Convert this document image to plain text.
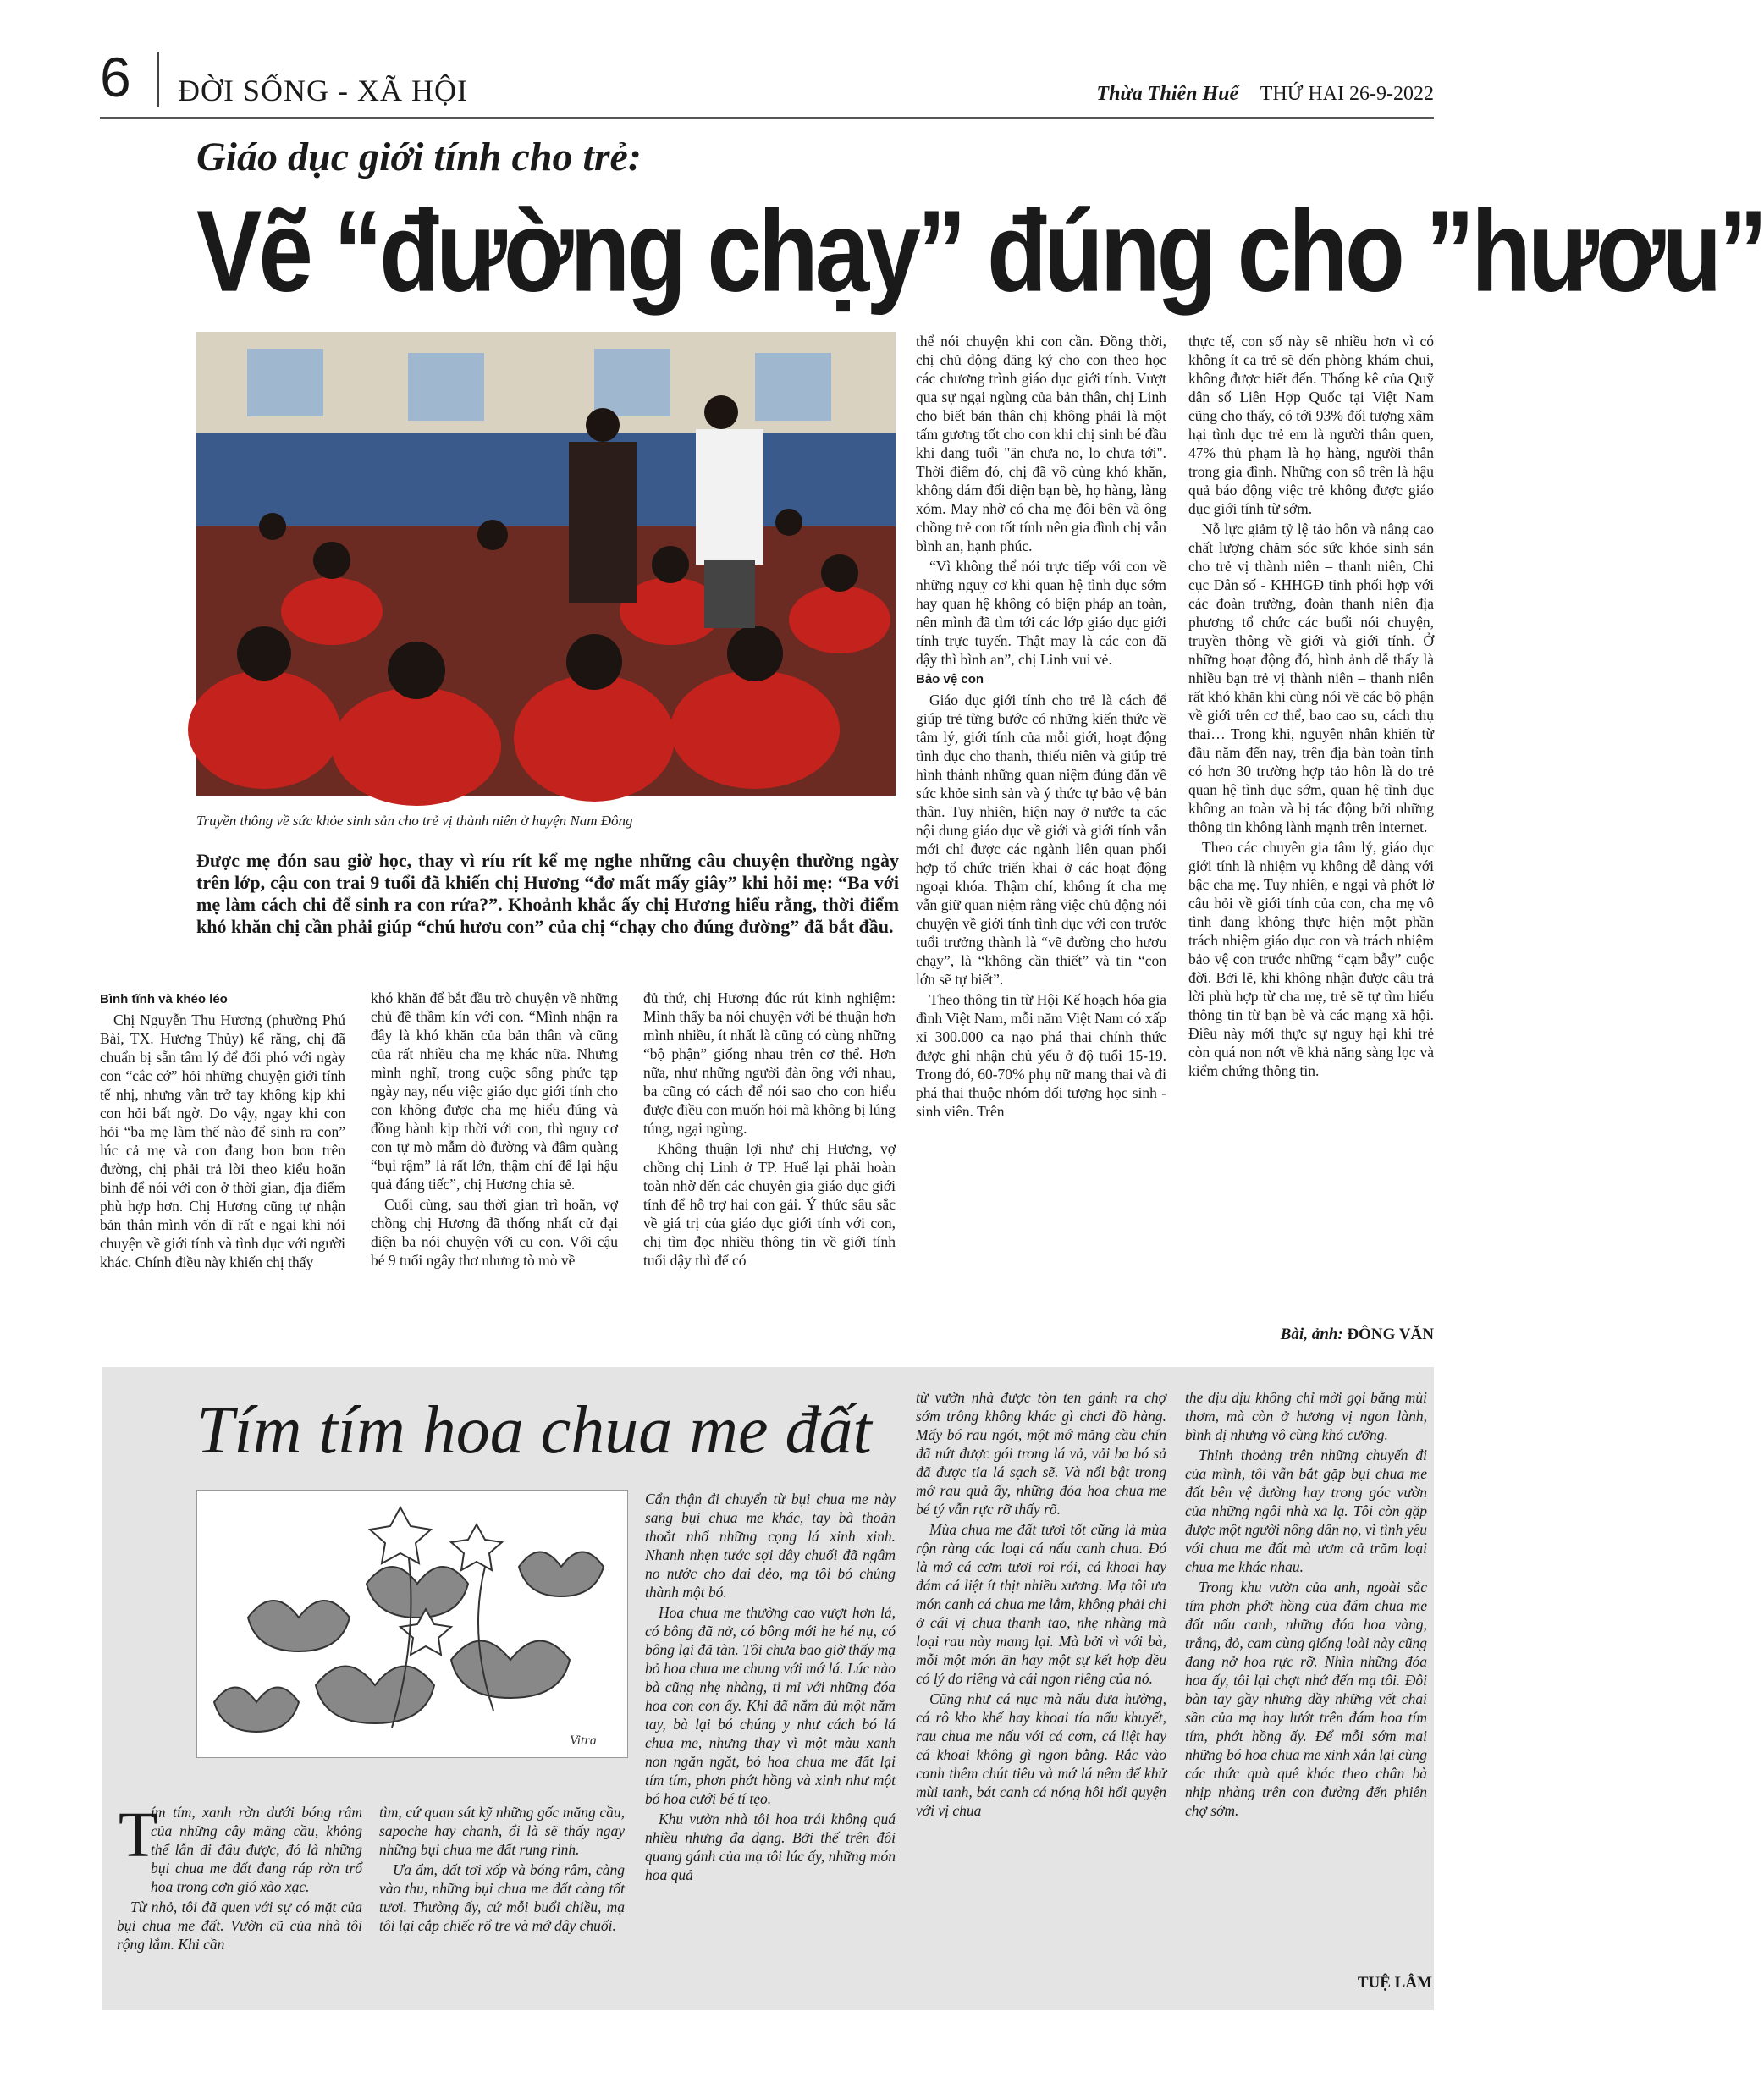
6 ĐỜI SỐNG - XÃ HỘI	Thừa Thiên Huế THỨ HAI 26-9-2022
Giáo dục giới tính cho trẻ:
Vẽ “đường chạy” đúng cho ”hươu”
Truyền thông về sức khỏe sinh sản cho trẻ vị thành niên ở huyện Nam Đông
Được mẹ đón sau giờ học, thay vì ríu rít kể mẹ nghe những câu chuyện thường ngày trên lớp, cậu con trai 9 tuổi đã khiến chị Hương “đơ mất mấy giây” khi hỏi mẹ: “Ba với mẹ làm cách chi để sinh ra con rứa?”. Khoảnh khắc ấy chị Hương hiểu rằng, thời điểm khó khăn chị cần phải giúp “chú hươu con” của chị “chạy cho đúng đường” đã bắt đầu.

Bình tĩnh và khéo léo

Chị Nguyễn Thu Hương (phường Phú Bài, TX. Hương Thủy) kể rằng, chị đã chuẩn bị sẵn tâm lý để đối phó với ngày con “cắc cớ” hỏi những chuyện giới tính tế nhị, nhưng vẫn trở tay không kịp khi con hỏi bất ngờ. Do vậy, ngay khi con hỏi “ba mẹ làm thế nào để sinh ra con” lúc cả mẹ và con đang bon bon trên đường, chị phải trả lời theo kiểu hoãn binh để nói với con ở thời gian, địa điểm phù hợp hơn. Chị Hương cũng tự nhận bản thân mình vốn dĩ rất e ngại khi nói chuyện về giới tính và tình dục với người khác. Chính điều này khiến chị thấy

khó khăn để bắt đầu trò chuyện về những chủ đề thầm kín với con. “Mình nhận ra đây là khó khăn của bản thân và cũng của rất nhiều cha mẹ khác nữa. Nhưng mình nghĩ, trong cuộc sống phức tạp ngày nay, nếu việc giáo dục giới tính cho con không được cha mẹ hiểu đúng và đồng hành kịp thời với con, thì nguy cơ con tự mò mẫm dò đường và đâm quàng “bụi rậm” là rất lớn, thậm chí để lại hậu quả đáng tiếc”, chị Hương chia sẻ.

Cuối cùng, sau thời gian trì hoãn, vợ chồng chị Hương đã thống nhất cử đại diện ba nói chuyện với cu con. Với cậu bé 9 tuổi ngây thơ nhưng tò mò về

đủ thứ, chị Hương đúc rút kinh nghiệm: Mình thấy ba nói chuyện với bé thuận hơn mình nhiều, ít nhất là cũng có cùng những “bộ phận” giống nhau trên cơ thể. Hơn nữa, như những người đàn ông với nhau, ba cũng có cách để nói sao cho con hiểu được điều con muốn hỏi mà không bị lúng túng, ngại ngùng.

Không thuận lợi như chị Hương, vợ chồng chị Linh ở TP. Huế lại phải hoàn toàn nhờ đến các chuyên gia giáo dục giới tính để hỗ trợ hai con gái. Ý thức sâu sắc về giá trị của giáo dục giới tính với con, chị tìm đọc nhiều thông tin về giới tính tuổi dậy thì để có

thể nói chuyện khi con cần. Đồng thời, chị chủ động đăng ký cho con theo học các chương trình giáo dục giới tính. Vượt qua sự ngại ngùng của bản thân, chị Linh cho biết bản thân chị không phải là một tấm gương tốt cho con khi chị sinh bé đầu khi đang tuổi "ăn chưa no, lo chưa tới". Thời điểm đó, chị đã vô cùng khó khăn, không dám đối diện bạn bè, họ hàng, làng xóm. May nhờ có cha mẹ đôi bên và ông chồng trẻ con tốt tính nên gia đình chị vẫn bình an, hạnh phúc.

“Vì không thể nói trực tiếp với con về những nguy cơ khi quan hệ tình dục sớm hay quan hệ không có biện pháp an toàn, nên mình đã tìm tới các lớp giáo dục giới tính trực tuyến. Thật may là các con đã dậy thì bình an”, chị Linh vui vẻ.

Bảo vệ con

Giáo dục giới tính cho trẻ là cách để giúp trẻ từng bước có những kiến thức về tâm lý, giới tính của mỗi giới, hoạt động tình dục cho thanh, thiếu niên và giúp trẻ hình thành những quan niệm đúng đắn về sức khỏe sinh sản và ý thức tự bảo vệ bản thân. Tuy nhiên, hiện nay ở nước ta các nội dung giáo dục về giới và giới tính vẫn mới chỉ được các ngành liên quan phối hợp tổ chức triển khai ở các hoạt động ngoại khóa. Thậm chí, không ít cha mẹ vẫn giữ quan niệm rằng việc chủ động nói chuyện về giới tính tình dục với con trước tuổi trưởng thành là “vẽ đường cho hươu chạy”, là “không cần thiết” và tin “con lớn sẽ tự biết”.

Theo thông tin từ Hội Kế hoạch hóa gia đình Việt Nam, mỗi năm Việt Nam có xấp xỉ 300.000 ca nạo phá thai chính thức được ghi nhận chủ yếu ở độ tuổi 15-19. Trong đó, 60-70% phụ nữ mang thai và đi phá thai thuộc nhóm đối tượng học sinh - sinh viên. Trên

thực tế, con số này sẽ nhiều hơn vì có không ít ca trẻ sẽ đến phòng khám chui, không được biết đến. Thống kê của Quỹ dân số Liên Hợp Quốc tại Việt Nam cũng cho thấy, có tới 93% đối tượng xâm hại tình dục trẻ em là người thân quen, 47% thủ phạm là họ hàng, người thân trong gia đình. Những con số trên là hậu quả báo động việc trẻ không được giáo dục giới tính từ sớm.

Nỗ lực giảm tỷ lệ tảo hôn và nâng cao chất lượng chăm sóc sức khỏe sinh sản cho trẻ vị thành niên – thanh niên, Chi cục Dân số - KHHGĐ tỉnh phối hợp với các đoàn trường, đoàn thanh niên địa phương tổ chức các buổi nói chuyện, truyền thông về giới và giới tính. Ở những hoạt động đó, hình ảnh dễ thấy là nhiều bạn trẻ vị thành niên – thanh niên rất khó khăn khi cùng nói về các bộ phận về giới trên cơ thể, bao cao su, cách thụ thai… Trong khi, nguyên nhân khiến từ đầu năm đến nay, trên địa bàn toàn tỉnh có hơn 30 trường hợp tảo hôn là do trẻ quan hệ tình dục sớm, quan hệ tình dục không an toàn và bị tác động bởi những thông tin không lành mạnh trên internet.

Theo các chuyên gia tâm lý, giáo dục giới tính là nhiệm vụ không dễ dàng với bậc cha mẹ. Tuy nhiên, e ngại và phớt lờ câu hỏi về giới tính của con, cha mẹ vô tình đang không thực hiện một phần trách nhiệm giáo dục con và trách nhiệm bảo vệ con trước những “cạm bẫy” cuộc đời. Bởi lẽ, khi không nhận được câu trả lời phù hợp từ cha mẹ, trẻ sẽ tự tìm hiểu thông tin từ bạn bè và các mạng xã hội. Điều này mới thực sự nguy hại khi trẻ còn quá non nớt về khả năng sàng lọc và kiểm chứng thông tin.

Bài, ảnh: ĐÔNG VĂN
Tím tím hoa chua me đất
Vitra
T

ím tím, xanh rờn dưới bóng râm của những cây mãng cầu, không thể lẫn đi đâu được, đó là những bụi chua me đất đang ráp rờn trổ hoa trong cơn gió xào xạc.

Từ nhỏ, tôi đã quen với sự có mặt của bụi chua me đất. Vườn cũ của nhà tôi rộng lắm. Khi cần

tìm, cứ quan sát kỹ những gốc măng cầu, sapoche hay chanh, ổi là sẽ thấy ngay những bụi chua me đất rung rinh.

Ưa ẩm, đất tơi xốp và bóng râm, càng vào thu, những bụi chua me đất càng tốt tươi. Thường ấy, cứ mỗi buổi chiều, mạ tôi lại cắp chiếc rổ tre và mớ dây chuối.

Cẩn thận đi chuyển từ bụi chua me này sang bụi chua me khác, tay bà thoăn thoắt nhổ những cọng lá xinh xinh. Nhanh nhẹn tước sợi dây chuối đã ngâm no nước cho dai dẻo, mạ tôi bó chúng thành một bó.

Hoa chua me thường cao vượt hơn lá, có bông đã nở, có bông mới he hé nụ, có bông lại đã tàn. Tôi chưa bao giờ thấy mạ bỏ hoa chua me chung với mớ lá. Lúc nào bà cũng nhẹ nhàng, tỉ mỉ với những đóa hoa con con ấy. Khi đã nắm đủ một nắm tay, bà lại bó chúng y như cách bó lá chua me, nhưng thay vì một màu xanh non ngăn ngắt, bó hoa chua me đất lại tím tím, phơn phớt hồng và xinh như một bó hoa cưới bé tí tẹo.

Khu vườn nhà tôi hoa trái không quá nhiều nhưng đa dạng. Bởi thế trên đôi quang gánh của mạ tôi lúc ấy, những món hoa quả

từ vườn nhà được tòn ten gánh ra chợ sớm trông không khác gì chơi đồ hàng. Mấy bó rau ngót, một mớ măng cầu chín đã nứt được gói trong lá vả, vải ba bó sả đã được tỉa lá sạch sẽ. Và nổi bật trong mớ rau quả ấy, những đóa hoa chua me bé tý vẫn rực rỡ thấy rõ.

Mùa chua me đất tươi tốt cũng là mùa rộn ràng các loại cá nấu canh chua. Đó là mớ cá cơm tươi roi rói, cá khoai hay đám cá liệt ít thịt nhiều xương. Mạ tôi ưa món canh cá chua me lắm, không phải chỉ ở cái vị chua thanh tao, nhẹ nhàng mà loại rau này mang lại. Mà bởi vì với bà, mỗi một món ăn hay một sự kết hợp đều có lý do riêng và cái ngon riêng của nó.

Cũng như cá nục mà nấu dưa hường, cá rô kho khế hay khoai tía nấu khuyết, rau chua me nấu với cá cơm, cá liệt hay cá khoai không gì ngon bằng. Rắc vào canh thêm chút tiêu và mớ lá nêm để khử mùi tanh, bát canh cá nóng hôi hổi quyện với vị chua

the dịu dịu không chỉ mời gọi bằng mùi thơm, mà còn ở hương vị ngon lành, bình dị nhưng vô cùng khó cưỡng.

Thỉnh thoảng trên những chuyến đi của mình, tôi vẫn bắt gặp bụi chua me đất bên vệ đường hay trong góc vườn của những ngôi nhà xa lạ. Tôi còn gặp được một người nông dân nọ, vì tình yêu với chua me đất mà ươm cả trăm loại chua me khác nhau.

Trong khu vườn của anh, ngoài sắc tím phơn phớt hồng của đám chua me đất nấu canh, những đóa hoa vàng, trắng, đỏ, cam cùng giống loài này cũng đang nở hoa rực rỡ. Nhìn những đóa hoa ấy, tôi lại chợt nhớ đến mạ tôi. Đôi bàn tay gầy nhưng đầy những vết chai sần của mạ hay lướt trên đám hoa tím tím, phớt hồng ấy. Để mỗi sớm mai những bó hoa chua me xinh xắn lại cùng các thức quà quê khác theo chân bà nhịp nhàng trên con đường đến phiên chợ sớm.

TUỆ LÂM
